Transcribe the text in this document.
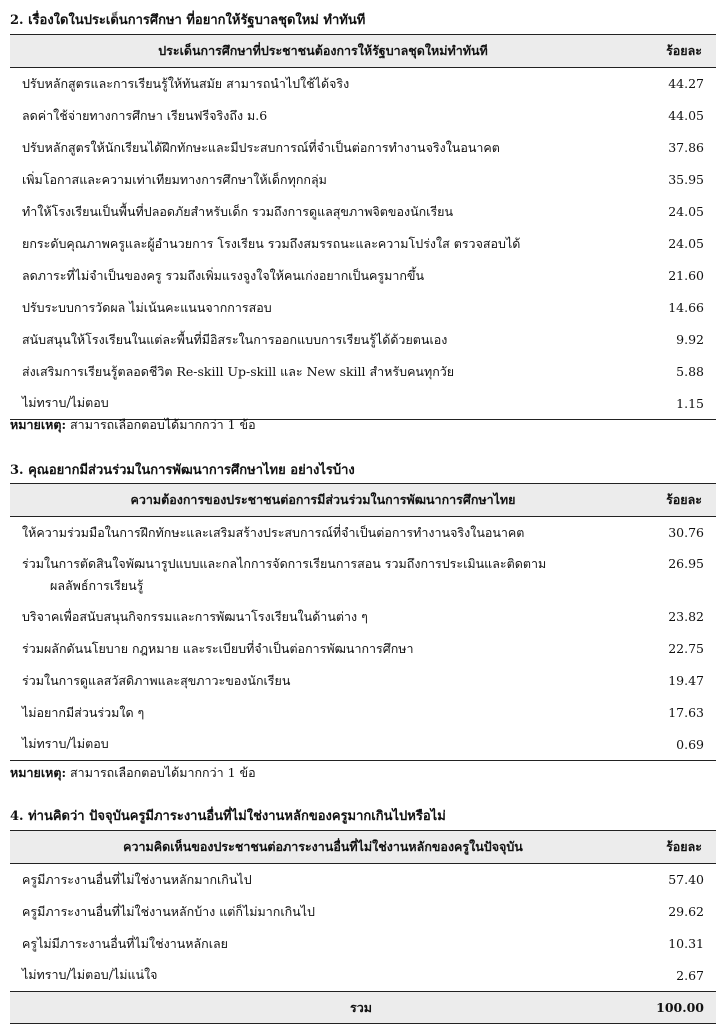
2. เรื่องใดในประเด็นการศึกษา ที่อยากให้รัฐบาลชุดใหม่ ทำทันที
ประเด็นการศึกษาที่ประชาชนต้องการให้รัฐบาลชุดใหม่ทำทันที	ร้อยละ
ปรับหลักสูตรและการเรียนรู้ให้ทันสมัย สามารถนำไปใช้ได้จริง	44.27
ลดค่าใช้จ่ายทางการศึกษา เรียนฟรีจริงถึง ม.6	44.05
ปรับหลักสูตรให้นักเรียนได้ฝึกทักษะและมีประสบการณ์ที่จำเป็นต่อการทำงานจริงในอนาคต	37.86
เพิ่มโอกาสและความเท่าเทียมทางการศึกษาให้เด็กทุกกลุ่ม	35.95
ทำให้โรงเรียนเป็นพื้นที่ปลอดภัยสำหรับเด็ก รวมถึงการดูแลสุขภาพจิตของนักเรียน	24.05
ยกระดับคุณภาพครูและผู้อำนวยการ โรงเรียน รวมถึงสมรรถนะและความโปร่งใส ตรวจสอบได้	24.05
ลดภาระที่ไม่จำเป็นของครู รวมถึงเพิ่มแรงจูงใจให้คนเก่งอยากเป็นครูมากขึ้น	21.60
ปรับระบบการวัดผล ไม่เน้นคะแนนจากการสอบ	14.66
สนับสนุนให้โรงเรียนในแต่ละพื้นที่มีอิสระในการออกแบบการเรียนรู้ได้ด้วยตนเอง	9.92
ส่งเสริมการเรียนรู้ตลอดชีวิต Re-skill Up-skill และ New skill สำหรับคนทุกวัย	5.88
ไม่ทราบ/ไม่ตอบ	1.15
หมายเหตุ: สามารถเลือกตอบได้มากกว่า 1 ข้อ
3. คุณอยากมีส่วนร่วมในการพัฒนาการศึกษาไทย อย่างไรบ้าง
ความต้องการของประชาชนต่อการมีส่วนร่วมในการพัฒนาการศึกษาไทย	ร้อยละ
ให้ความร่วมมือในการฝึกทักษะและเสริมสร้างประสบการณ์ที่จำเป็นต่อการทำงานจริงในอนาคต	30.76
ร่วมในการตัดสินใจพัฒนารูปแบบและกลไกการจัดการเรียนการสอน รวมถึงการประเมินและติดตาม
ผลลัพธ์การเรียนรู้	26.95
บริจาคเพื่อสนับสนุนกิจกรรมและการพัฒนาโรงเรียนในด้านต่าง ๆ	23.82
ร่วมผลักดันนโยบาย กฎหมาย และระเบียบที่จำเป็นต่อการพัฒนาการศึกษา	22.75
ร่วมในการดูแลสวัสดิภาพและสุขภาวะของนักเรียน	19.47
ไม่อยากมีส่วนร่วมใด ๆ	17.63
ไม่ทราบ/ไม่ตอบ	0.69
หมายเหตุ: สามารถเลือกตอบได้มากกว่า 1 ข้อ
4. ท่านคิดว่า ปัจจุบันครูมีภาระงานอื่นที่ไม่ใช่งานหลักของครูมากเกินไปหรือไม่
ความคิดเห็นของประชาชนต่อภาระงานอื่นที่ไม่ใช่งานหลักของครูในปัจจุบัน	ร้อยละ
ครูมีภาระงานอื่นที่ไม่ใช่งานหลักมากเกินไป	57.40
ครูมีภาระงานอื่นที่ไม่ใช่งานหลักบ้าง แต่ก็ไม่มากเกินไป	29.62
ครูไม่มีภาระงานอื่นที่ไม่ใช่งานหลักเลย	10.31
ไม่ทราบ/ไม่ตอบ/ไม่แน่ใจ	2.67
รวม	100.00
